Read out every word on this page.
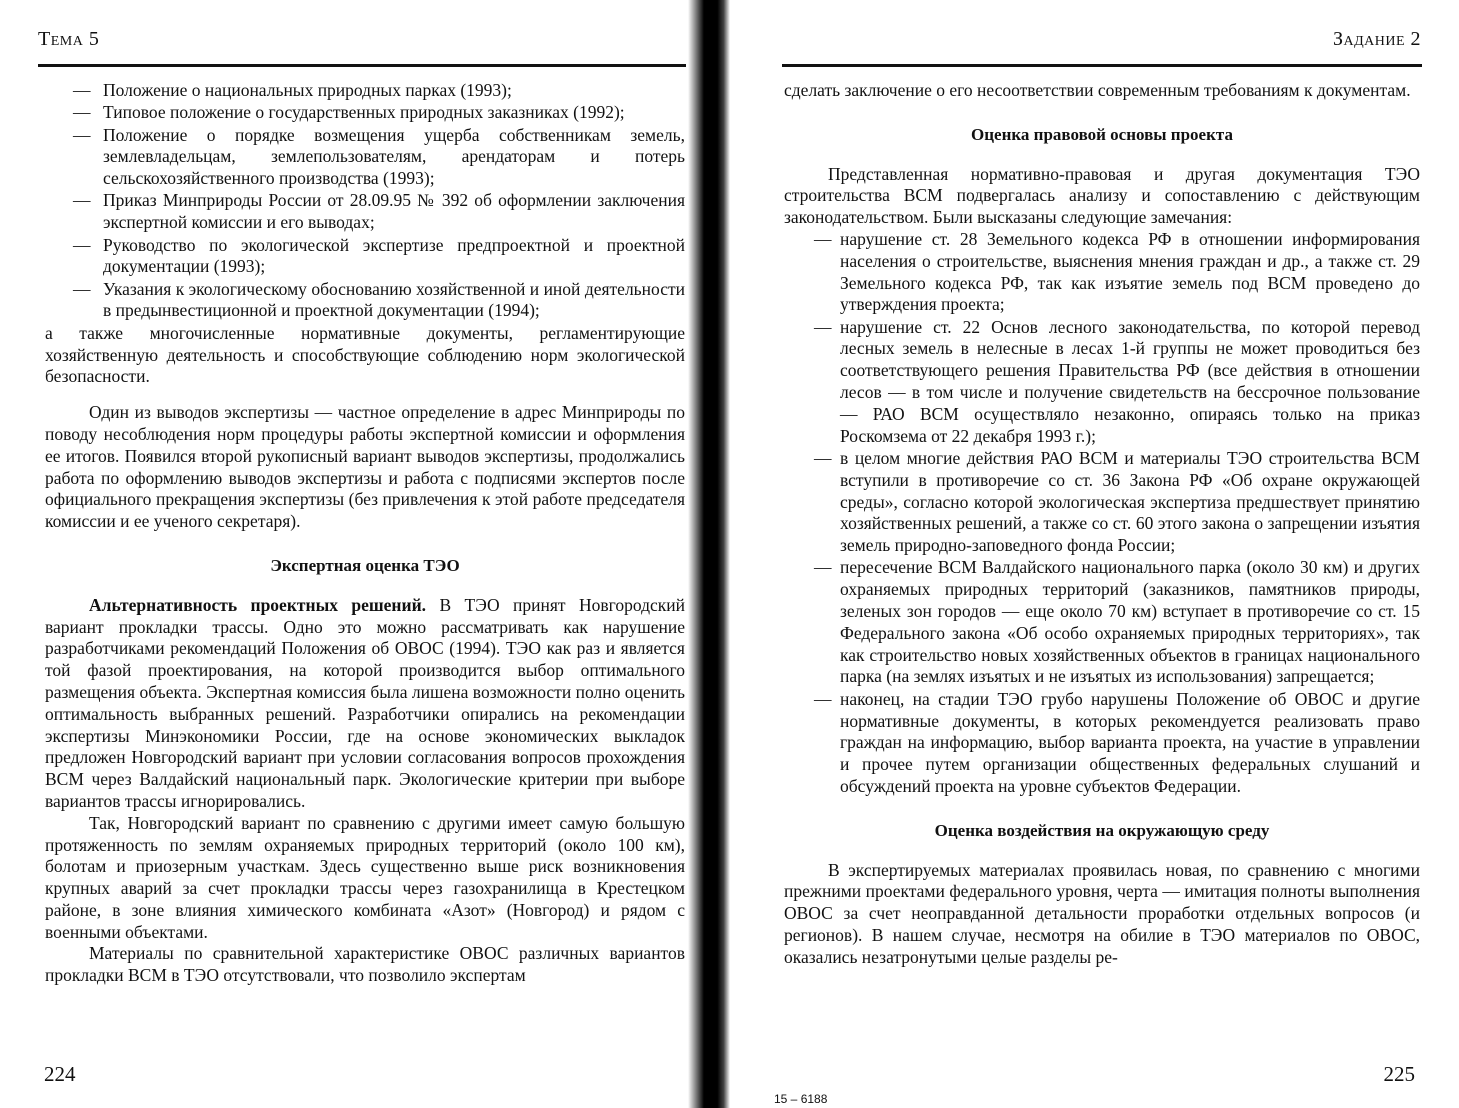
Тема 5
— Положение о национальных природных парках (1993);
— Типовое положение о государственных природных заказниках (1992);
— Положение о порядке возмещения ущерба собственникам земель, землевладельцам, землепользователям, арендаторам и потерь сельскохозяйственного производства (1993);
— Приказ Минприроды России от 28.09.95 № 392 об оформлении заключения экспертной комиссии и его выводах;
— Руководство по экологической экспертизе предпроектной и проектной документации (1993);
— Указания к экологическому обоснованию хозяйственной и иной деятельности в предынвестиционной и проектной документации (1994);

а также многочисленные нормативные документы, регламентирующие хозяйственную деятельность и способствующие соблюдению норм экологической безопасности.

Один из выводов экспертизы — частное определение в адрес Минприроды по поводу несоблюдения норм процедуры работы экспертной комиссии и оформления ее итогов. Появился второй рукописный вариант выводов экспертизы, продолжались работа по оформлению выводов экспертизы и работа с подписями экспертов после официального прекращения экспертизы (без привлечения к этой работе председателя комиссии и ее ученого секретаря).

Экспертная оценка ТЭО

Альтернативность проектных решений. В ТЭО принят Новгородский вариант прокладки трассы. Одно это можно рассматривать как нарушение разработчиками рекомендаций Положения об ОВОС (1994). ТЭО как раз и является той фазой проектирования, на которой производится выбор оптимального размещения объекта. Экспертная комиссия была лишена возможности полно оценить оптимальность выбранных решений. Разработчики опирались на рекомендации экспертизы Минэкономики России, где на основе экономических выкладок предложен Новгородский вариант при условии согласования вопросов прохождения ВСМ через Валдайский национальный парк. Экологические критерии при выборе вариантов трассы игнорировались.

Так, Новгородский вариант по сравнению с другими имеет самую большую протяженность по землям охраняемых природных территорий (около 100 км), болотам и приозерным участкам. Здесь существенно выше риск возникновения крупных аварий за счет прокладки трассы через газохранилища в Крестецком районе, в зоне влияния химического комбината «Азот» (Новгород) и рядом с военными объектами.

Материалы по сравнительной характеристике ОВОС различных вариантов прокладки ВСМ в ТЭО отсутствовали, что позволило экспертам

224
Задание 2

сделать заключение о его несоответствии современным требованиям к документам.

Оценка правовой основы проекта

Представленная нормативно-правовая и другая документация ТЭО строительства ВСМ подвергалась анализу и сопоставлению с действующим законодательством. Были высказаны следующие замечания:

— нарушение ст. 28 Земельного кодекса РФ в отношении информирования населения о строительстве, выяснения мнения граждан и др., а также ст. 29 Земельного кодекса РФ, так как изъятие земель под ВСМ проведено до утверждения проекта;
— нарушение ст. 22 Основ лесного законодательства, по которой перевод лесных земель в нелесные в лесах 1-й группы не может проводиться без соответствующего решения Правительства РФ (все действия в отношении лесов — в том числе и получение свидетельств на бессрочное пользование — РАО ВСМ осуществляло незаконно, опираясь только на приказ Роскомзема от 22 декабря 1993 г.);
— в целом многие действия РАО ВСМ и материалы ТЭО строительства ВСМ вступили в противоречие со ст. 36 Закона РФ «Об охране окружающей среды», согласно которой экологическая экспертиза предшествует принятию хозяйственных решений, а также со ст. 60 этого закона о запрещении изъятия земель природно-заповедного фонда России;
— пересечение ВСМ Валдайского национального парка (около 30 км) и других охраняемых природных территорий (заказников, памятников природы, зеленых зон городов — еще около 70 км) вступает в противоречие со ст. 15 Федерального закона «Об особо охраняемых природных территориях», так как строительство новых хозяйственных объектов в границах национального парка (на землях изъятых и не изъятых из использования) запрещается;
— наконец, на стадии ТЭО грубо нарушены Положение об ОВОС и другие нормативные документы, в которых рекомендуется реализовать право граждан на информацию, выбор варианта проекта, на участие в управлении и прочее путем организации общественных федеральных слушаний и обсуждений проекта на уровне субъектов Федерации.
Оценка воздействия на окружающую среду

В экспертируемых материалах проявилась новая, по сравнению с многими прежними проектами федерального уровня, черта — имитация полноты выполнения ОВОС за счет неоправданной детальности проработки отдельных вопросов (и регионов). В нашем случае, несмотря на обилие в ТЭО материалов по ОВОС, оказались незатронутыми целые разделы ре-

15 – 6188
225
